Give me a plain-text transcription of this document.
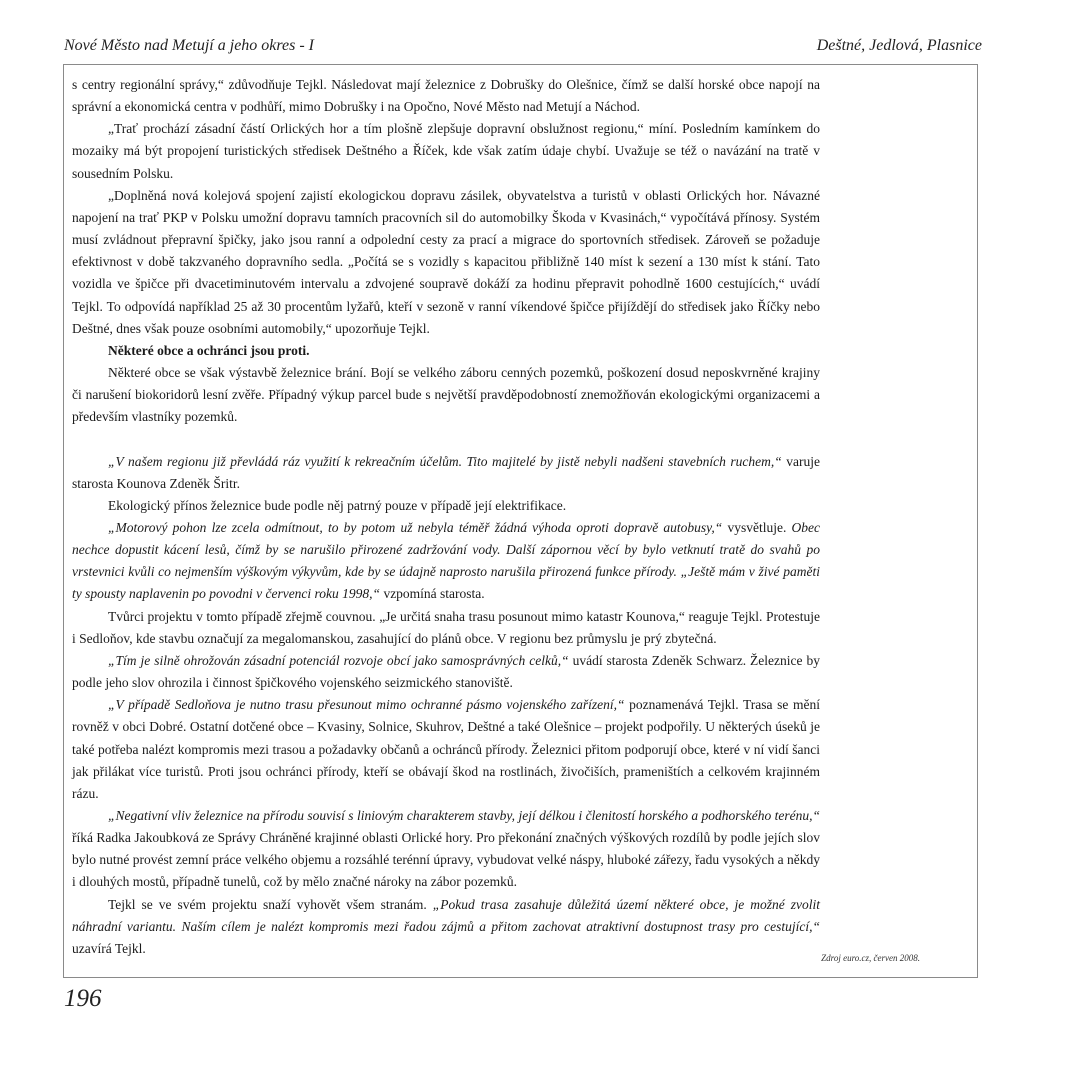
Nové Město nad Metují a jeho okres - I	Deštné, Jedlová, Plasnice

s centry regionální správy,“ zdůvodňuje Tejkl. Následovat mají železnice z Dobrušky do Olešnice, čímž se další horské obce napojí na správní a ekonomická centra v podhůří, mimo Dobrušky i na Opočno, Nové Město nad Metují a Náchod.

„Trať prochází zásadní částí Orlických hor a tím plošně zlepšuje dopravní obslužnost regionu,“ míní. Posledním kamínkem do mozaiky má být propojení turistických středisek Deštného a Říček, kde však zatím údaje chybí. Uvažuje se též o navázání na tratě v sousedním Polsku.

„Doplněná nová kolejová spojení zajistí ekologickou dopravu zásilek, obyvatelstva a turistů v oblasti Orlických hor. Návazné napojení na trať PKP v Polsku umožní dopravu tamních pracovních sil do automobilky Škoda v Kvasinách,“ vypočítává přínosy. Systém musí zvládnout přepravní špičky, jako jsou ranní a odpolední cesty za prací a migrace do sportovních středisek. Zároveň se požaduje efektivnost v době takzvaného dopravního sedla. „Počítá se s vozidly s kapacitou přibližně 140 míst k sezení a 130 míst k stání. Tato vozidla ve špičce při dvacetiminutovém intervalu a zdvojené soupravě dokáží za hodinu přepravit pohodlně 1600 cestujících,“ uvádí Tejkl. To odpovídá například 25 až 30 procentům lyžařů, kteří v sezoně v ranní víkendové špičce přijíždějí do středisek jako Říčky nebo Deštné, dnes však pouze osobními automobily,“ upozorňuje Tejkl.

Některé obce a ochránci jsou proti.

Některé obce se však výstavbě železnice brání. Bojí se velkého záboru cenných pozemků, poškození dosud neposkvrněné krajiny či narušení biokoridorů lesní zvěře. Případný výkup parcel bude s největší pravděpodobností znemožňován ekologickými organizacemi a především vlastníky pozemků.

„V našem regionu již převládá ráz využití k rekreačním účelům. Tito majitelé by jistě nebyli nadšeni stavebních ruchem,“ varuje starosta Kounova Zdeněk Šritr.

Ekologický přínos železnice bude podle něj patrný pouze v případě její elektrifikace.

„Motorový pohon lze zcela odmítnout, to by potom už nebyla téměř žádná výhoda oproti dopravě autobusy,“ vysvětluje. Obec nechce dopustit kácení lesů, čímž by se narušilo přirozené zadržování vody. Další zápornou věcí by bylo vetknutí tratě do svahů po vrstevnici kvůli co nejmenším výškovým výkyvům, kde by se údajně naprosto narušila přirozená funkce přírody. „Ještě mám v živé paměti ty spousty naplavenin po povodni v červenci roku 1998,“ vzpomíná starosta.

Tvůrci projektu v tomto případě zřejmě couvnou. „Je určitá snaha trasu posunout mimo katastr Kounova,“ reaguje Tejkl. Protestuje i Sedloňov, kde stavbu označují za megalomanskou, zasahující do plánů obce. V regionu bez průmyslu je prý zbytečná.

„Tím je silně ohrožován zásadní potenciál rozvoje obcí jako samosprávných celků,“ uvádí starosta Zdeněk Schwarz. Železnice by podle jeho slov ohrozila i činnost špičkového vojenského seizmického stanoviště.

„V případě Sedloňova je nutno trasu přesunout mimo ochranné pásmo vojenského zařízení,“ poznamenává Tejkl. Trasa se mění rovněž v obci Dobré. Ostatní dotčené obce – Kvasiny, Solnice, Skuhrov, Deštné a také Olešnice – projekt podpořily. U některých úseků je také potřeba nalézt kompromis mezi trasou a požadavky občanů a ochránců přírody. Železnici přitom podporují obce, které v ní vidí šanci jak přilákat více turistů. Proti jsou ochránci přírody, kteří se obávají škod na rostlinách, živočiších, prameništích a celkovém krajinném rázu.

„Negativní vliv železnice na přírodu souvisí s liniovým charakterem stavby, její délkou i členitostí horského a podhorského terénu,“ říká Radka Jakoubková ze Správy Chráněné krajinné oblasti Orlické hory. Pro překonání značných výškových rozdílů by podle jejích slov bylo nutné provést zemní práce velkého objemu a rozsáhlé terénní úpravy, vybudovat velké náspy, hluboké zářezy, řadu vysokých a někdy i dlouhých mostů, případně tunelů, což by mělo značné nároky na zábor pozemků.

Tejkl se ve svém projektu snaží vyhovět všem stranám. „Pokud trasa zasahuje důležitá území některé obce, je možné zvolit náhradní variantu. Naším cílem je nalézt kompromis mezi řadou zájmů a přitom zachovat atraktivní dostupnost trasy pro cestující,“ uzavírá Tejkl.

Zdroj euro.cz, červen 2008.
196
